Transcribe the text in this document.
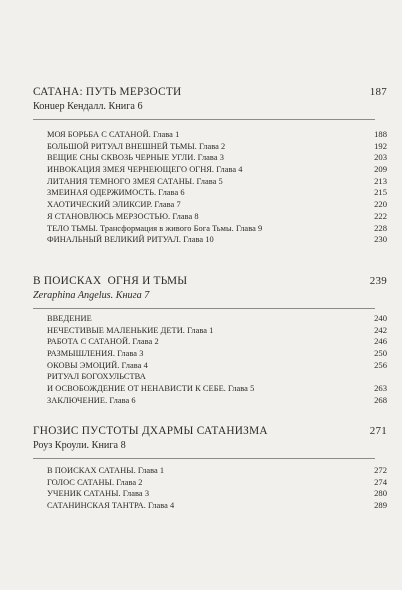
САТАНА: ПУТЬ МЕРЗОСТИ	187
Конuер Кендалл. Книга 6
МОЯ БОРЬБА С САТАНОЙ. Глава 1	188
БОЛЬШОЙ РИТУАЛ ВНЕШНЕЙ ТЬМЫ. Глава 2	192
ВЕЩИЕ СНЫ СКВОЗЬ ЧЕРНЫЕ УГЛИ. Глава 3	203
ИНВОКАЦИЯ ЗМЕЯ ЧЕРНЕЮЩЕГО ОГНЯ. Глава 4	209
ЛИТАНИЯ ТЕМНОГО ЗМЕЯ САТАНЫ. Глава 5	213
ЗМЕИНАЯ ОДЕРЖИМОСТЬ. Глава 6	215
ХАОТИЧЕСКИЙ ЭЛИКСИР. Глава 7	220
Я СТАНОВЛЮСЬ МЕРЗОСТЬЮ. Глава 8	222
ТЕЛО ТЬМЫ. Трансформация в живого Бога Тьмы. Глава 9	228
ФИНАЛЬНЫЙ ВЕЛИКИЙ РИТУАЛ. Глава 10	230
В ПОИСКАХ  ОГНЯ И ТЬМЫ	239
Zeraphina Angelus. Книга 7
ВВЕДЕНИЕ	240
НЕЧЕСТИВЫЕ МАЛЕНЬКИЕ ДЕТИ. Глава 1	242
РАБОТА С САТАНОЙ. Глава 2	246
РАЗМЫШЛЕНИЯ. Глава 3	250
ОКОВЫ ЭМОЦИЙ. Глава 4	256
РИТУАЛ БОГОХУЛЬСТВА
И ОСВОБОЖДЕНИЕ ОТ НЕНАВИСТИ К СЕБЕ. Глава 5	263
ЗАКЛЮЧЕНИЕ. Глава 6	268
ГНОЗИС ПУСТОТЫ ДХАРМЫ САТАНИЗМА	271
Роуз Кроули. Книга 8
В ПОИСКАХ САТАНЫ. Глава 1	272
ГОЛОС САТАНЫ. Глава 2	274
УЧЕНИК САТАНЫ. Глава 3	280
САТАНИНСКАЯ ТАНТРА. Глава 4	289
